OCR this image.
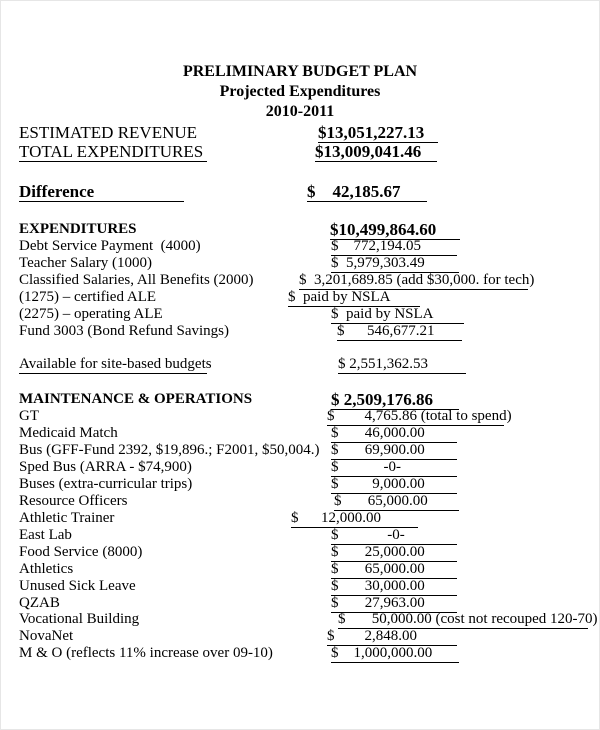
PRELIMINARY BUDGET PLAN
Projected Expenditures
2010-2011
ESTIMATED REVENUE	$13,051,227.13
TOTAL EXPENDITURES	$13,009,041.46
Difference	$    42,185.67
EXPENDITURES	$10,499,864.60
Debt Service Payment  (4000)	$    772,194.05
Teacher Salary (1000)	$  5,979,303.49
Classified Salaries, All Benefits (2000)	$  3,201,689.85 (add $30,000. for tech)
(1275) – certified ALE	$  paid by NSLA
(2275) – operating ALE	$  paid by NSLA
Fund 3003 (Bond Refund Savings)	$      546,677.21
Available for site-based budgets	$ 2,551,362.53
MAINTENANCE & OPERATIONS	$ 2,509,176.86
GT	$        4,765.86 (total to spend)
Medicaid Match	$       46,000.00
Bus (GFF-Fund 2392, $19,896.; F2001, $50,004.) $       69,900.00
Sped Bus (ARRA - $74,900)	$            -0-
Buses (extra-curricular trips)	$         9,000.00
Resource Officers	$       65,000.00
Athletic Trainer	$      12,000.00
East Lab	$             -0-
Food Service (8000)	$       25,000.00
Athletics	$       65,000.00
Unused Sick Leave	$       30,000.00
QZAB	$       27,963.00
Vocational Building	$       50,000.00 (cost not recouped 120-70)
NovaNet	$        2,848.00
M & O (reflects 11% increase over 09-10)	$    1,000,000.00
